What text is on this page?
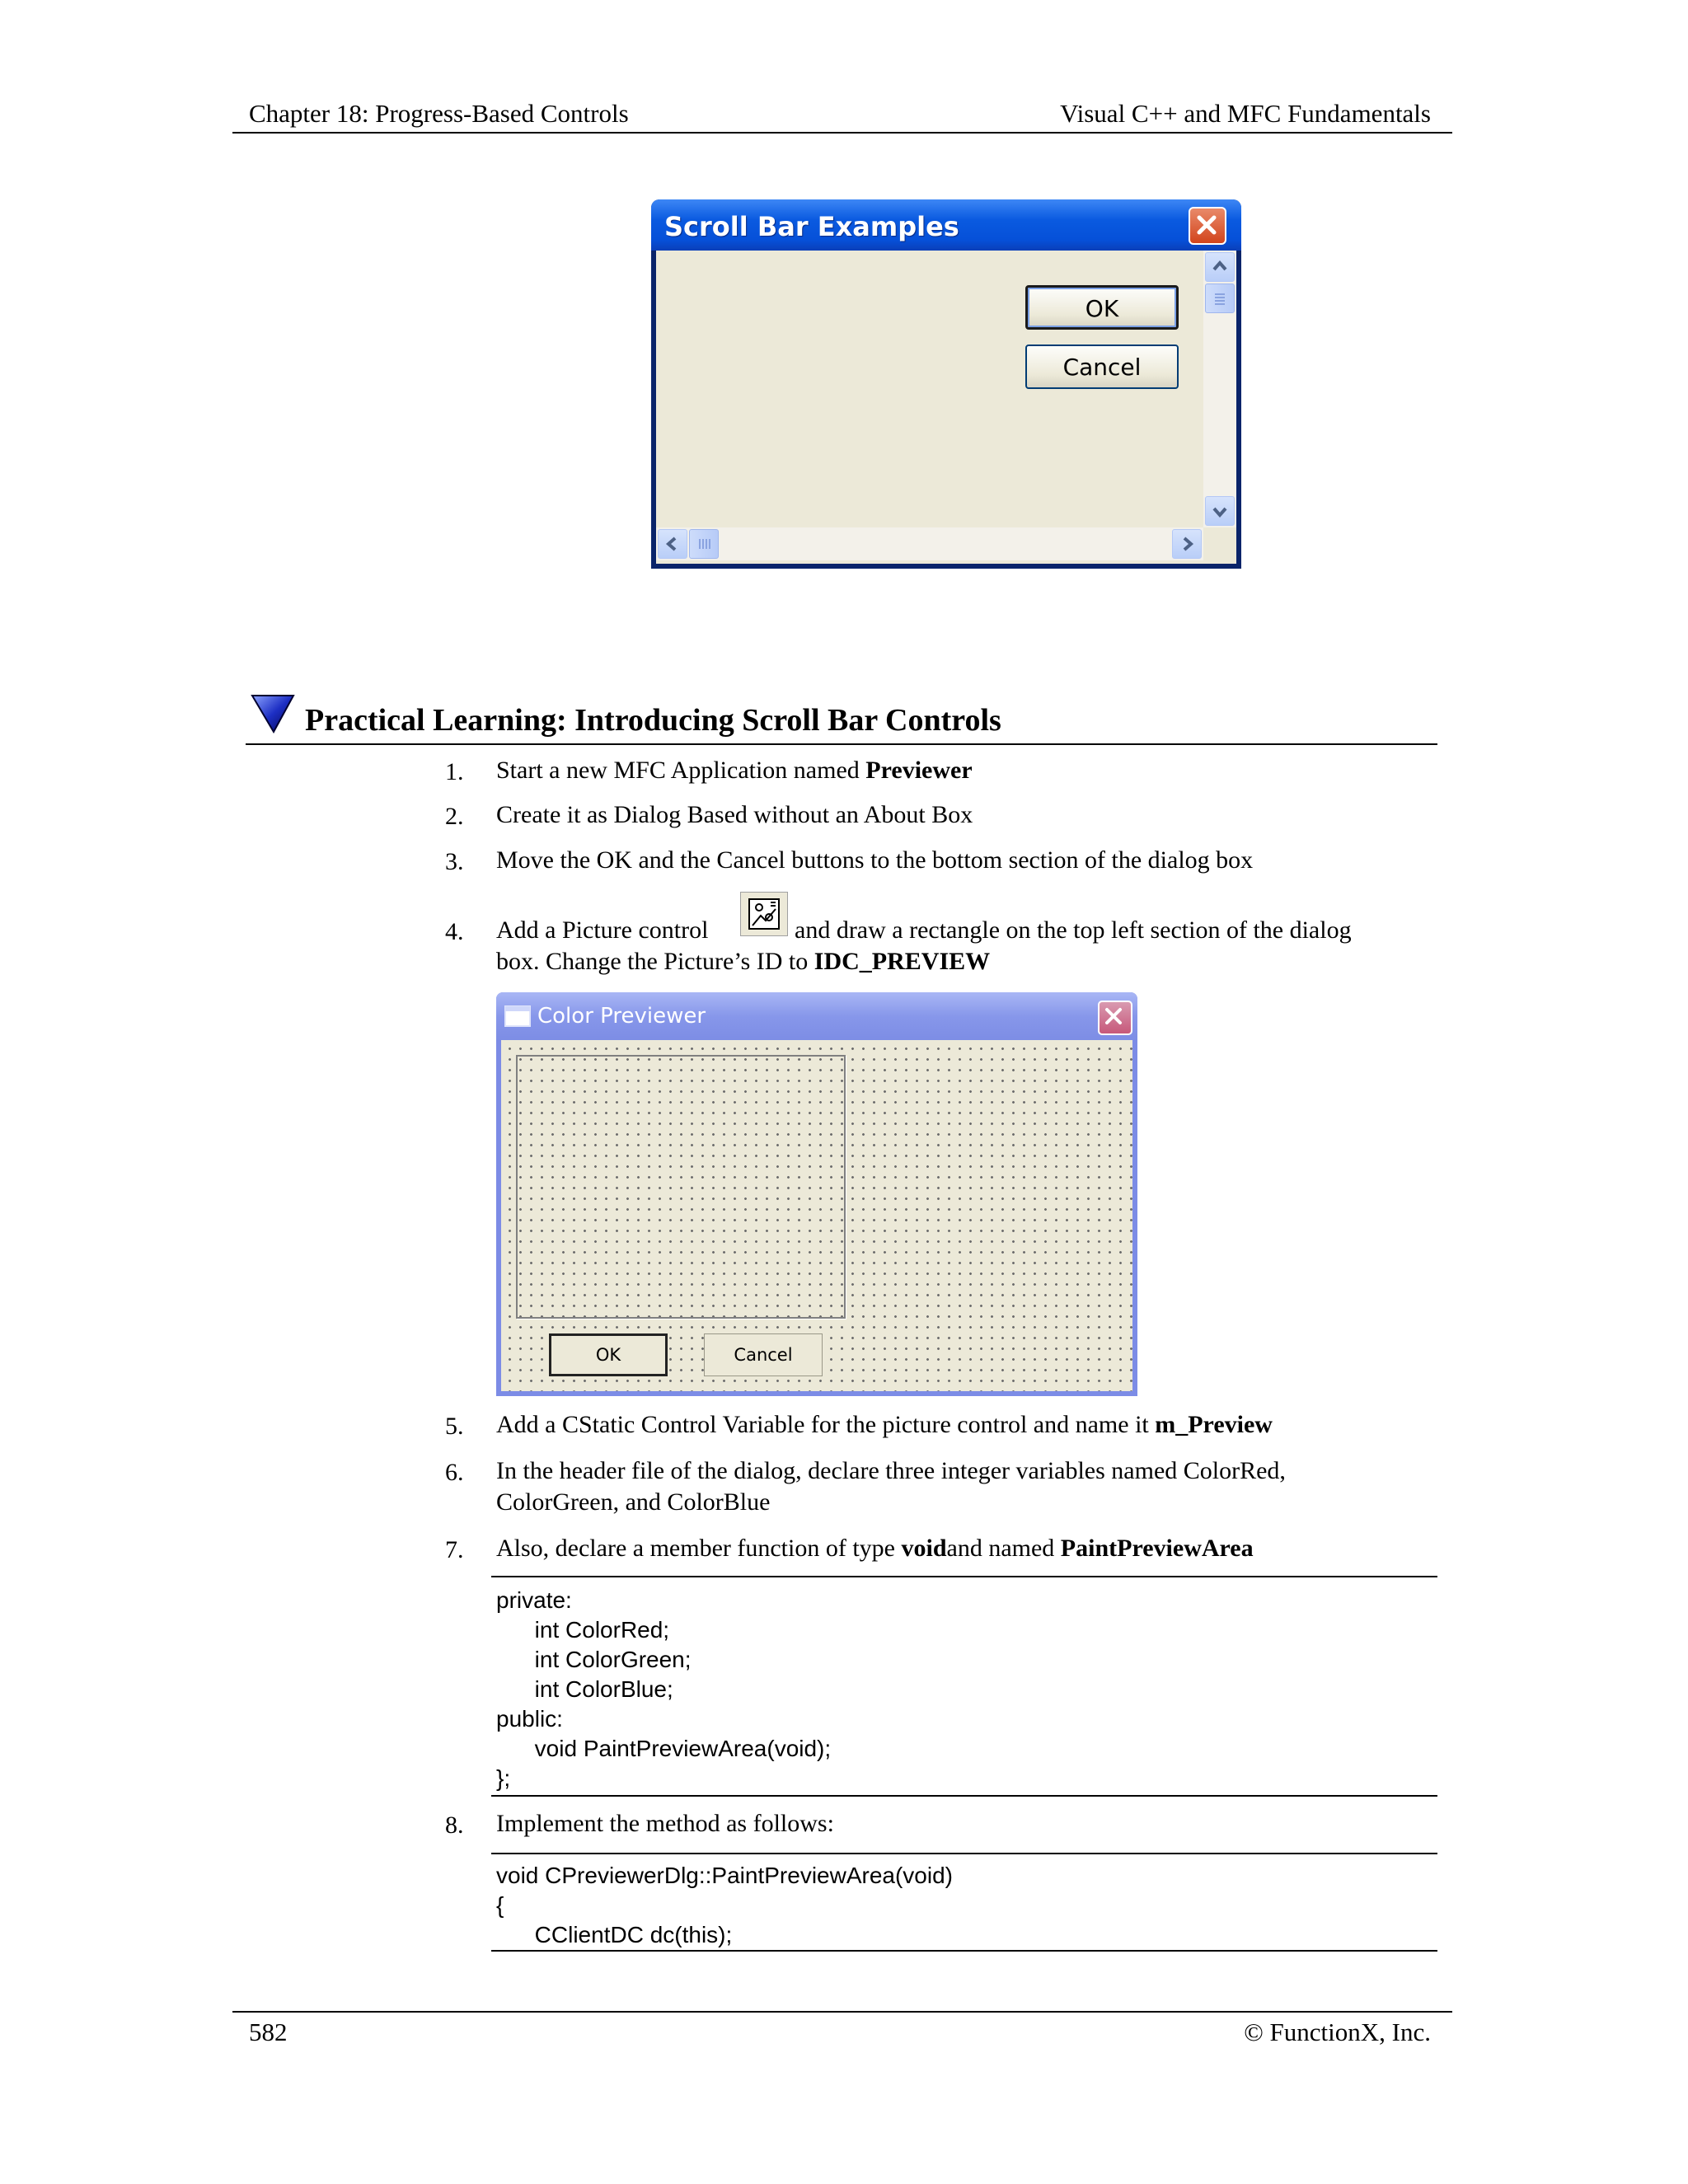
Chapter 18: Progress-Based Controls	Visual C++ and MFC Fundamentals
Scroll Bar Examples
OK
Cancel
Practical Learning: Introducing Scroll Bar Controls
1. Start a new MFC Application named Previewer
2. Create it as Dialog Based without an About Box
3. Move the OK and the Cancel buttons to the bottom section of the dialog box
4. Add a Picture control	and draw a rectangle on the top left section of the dialog
box. Change the Picture’s ID to IDC_PREVIEW
Color Previewer
OK	Cancel
5. Add a CStatic Control Variable for the picture control and name it m_Preview
6. In the header file of the dialog, declare three integer variables named ColorRed,
ColorGreen, and ColorBlue
7. Also, declare a member function of type voidand named PaintPreviewArea
private:
int ColorRed;
int ColorGreen;
int ColorBlue;
public:
void PaintPreviewArea(void);
};
8. Implement the method as follows:
void CPreviewerDlg::PaintPreviewArea(void)
{
CClientDC dc(this);
582	© FunctionX, Inc.
